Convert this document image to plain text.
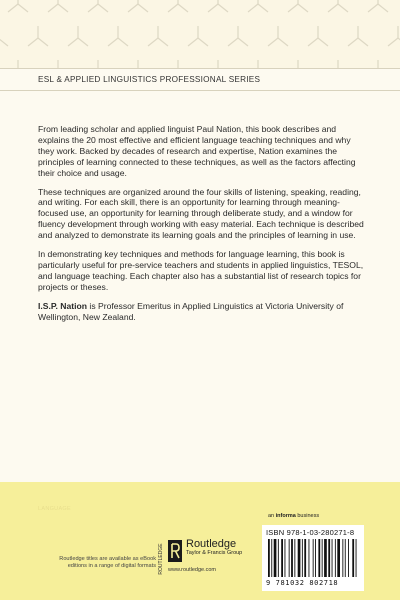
ESL & APPLIED LINGUISTICS PROFESSIONAL SERIES

From leading scholar and applied linguist Paul Nation, this book describes and explains the 20 most effective and efficient language teaching techniques and why they work. Backed by decades of research and expertise, Nation examines the principles of learning connected to these techniques, as well as the factors affecting their choice and usage.

These techniques are organized around the four skills of listening, speaking, reading, and writing. For each skill, there is an opportunity for learning through meaning-focused use, an opportunity for learning through deliberate study, and a window for fluency development through working with easy material. Each technique is described and analyzed to demonstrate its learning goals and the principles of learning in use.

In demonstrating key techniques and methods for language learning, this book is particularly useful for pre-service teachers and students in applied linguistics, TESOL, and language teaching. Each chapter also has a substantial list of research topics for projects or theses.

I.S.P. Nation is Professor Emeritus in Applied Linguistics at Victoria University of Wellington, New Zealand.

LANGUAGE
an informa business
Routledge titles are available as eBook editions in a range of digital formats ROUTLEDGE Routledge
Taylor & Francis Group
www.routledge.com
ISBN 978-1-03-280271-8
9 781032 802718
